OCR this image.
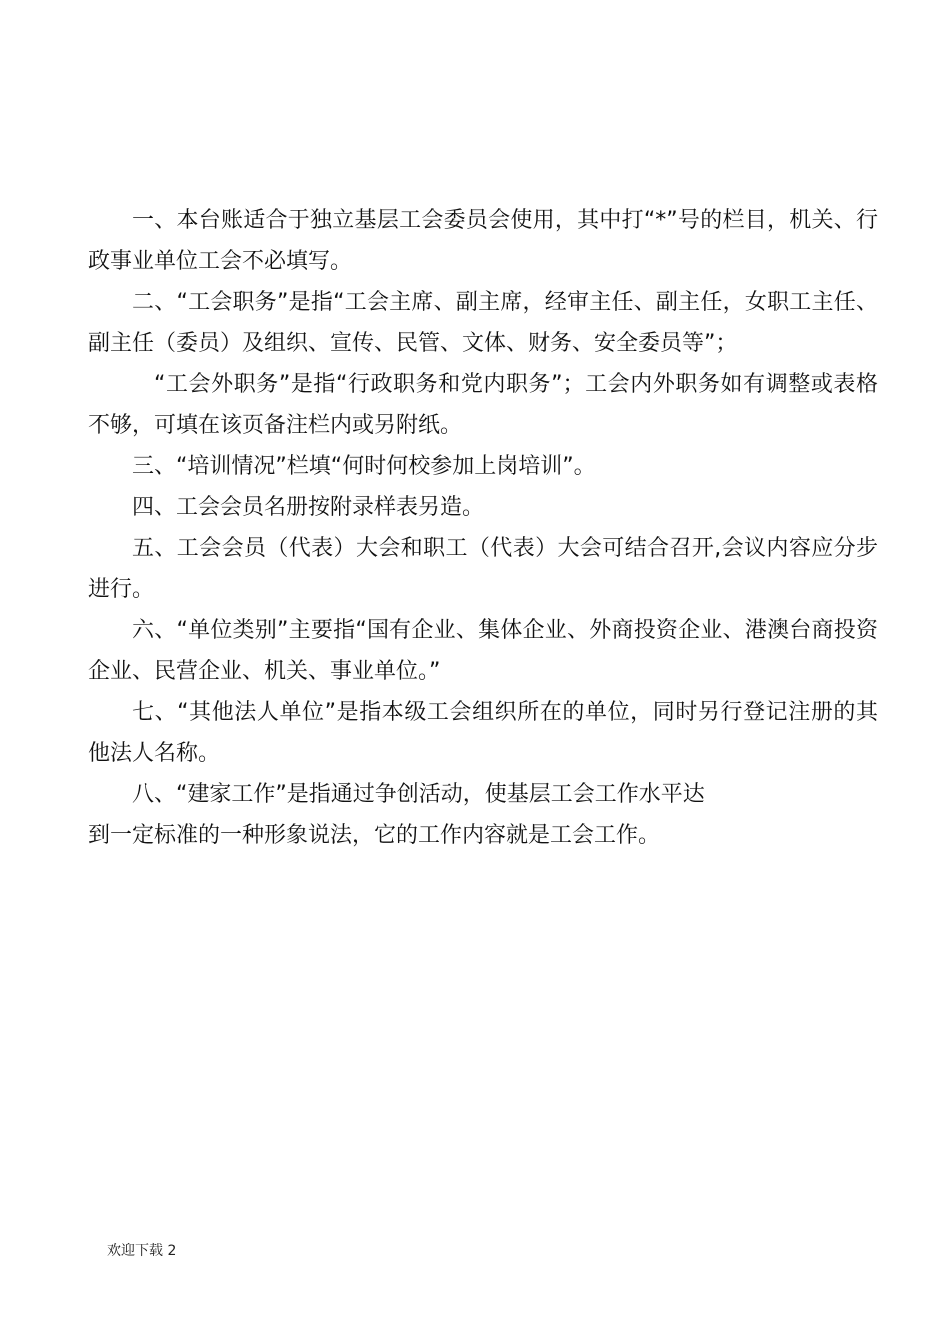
一、本台账适合于独立基层工会委员会使用，其中打“*”号的栏目，机关、行政事业单位工会不必填写。

二、“工会职务”是指“工会主席、副主席，经审主任、副主任，女职工主任、副主任（委员）及组织、宣传、民管、文体、财务、安全委员等”；

“工会外职务”是指“行政职务和党内职务”；工会内外职务如有调整或表格不够，可填在该页备注栏内或另附纸。

三、“培训情况”栏填“何时何校参加上岗培训”。

四、工会会员名册按附录样表另造。

五、工会会员（代表）大会和职工（代表）大会可结合召开,会议内容应分步进行。

六、“单位类别”主要指“国有企业、集体企业、外商投资企业、港澳台商投资企业、民营企业、机关、事业单位。”

七、“其他法人单位”是指本级工会组织所在的单位，同时另行登记注册的其他法人名称。

八、“建家工作”是指通过争创活动，使基层工会工作水平达

到一定标准的一种形象说法，它的工作内容就是工会工作。

欢迎下载 2
